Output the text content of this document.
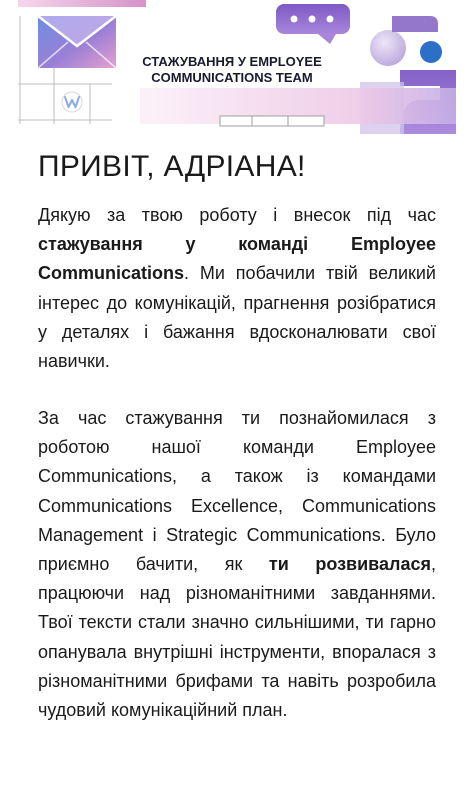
СТАЖУВАННЯ У EMPLOYEE
COMMUNICATIONS TEAM
ПРИВІТ, АДРІАНА!

Дякую за твою роботу і внесок під час стажування у команді Employee Communications. Ми побачили твій великий інтерес до комунікацій, прагнення розібратися у деталях і бажання вдосконалювати свої навички.

За час стажування ти познайомилася з роботою нашої команди Employee Communications, а також із командами Communications Excellence, Communications Management і Strategic Communications. Було приємно бачити, як ти розвивалася, працюючи над різноманітними завданнями. Твої тексти стали значно сильнішими, ти гарно опанувала внутрішні інструменти, впоралася з різноманітними брифами та навіть розробила чудовий комунікаційний план.
